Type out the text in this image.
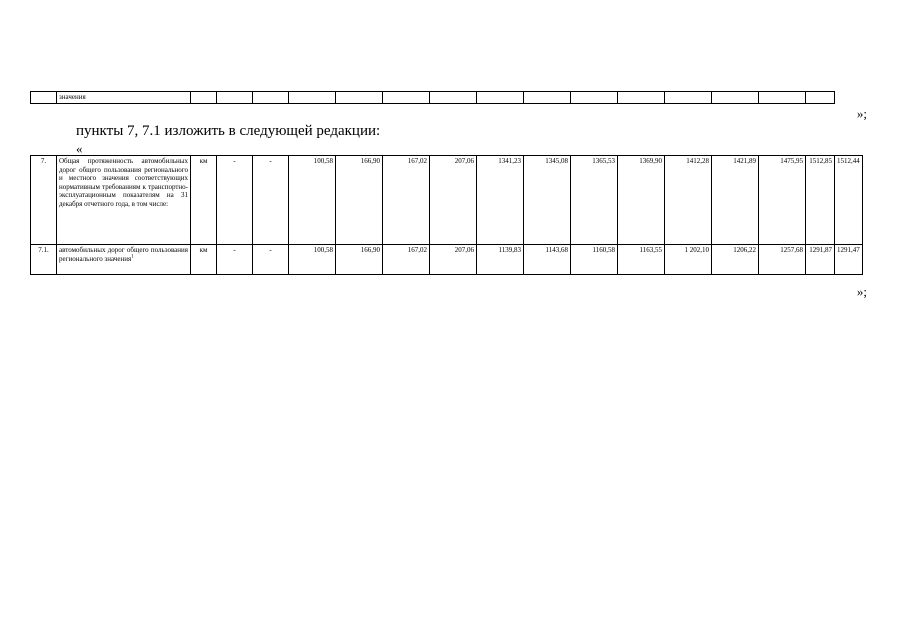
	значения															
»;
пункты 7, 7.1 изложить в следующей редакции:
«
7.	Общая протяженность автомобильных дорог общего пользования регионального и местного значения соответствующих нормативным требованиям к транспортно-эксплуатационным показателям на 31 декабря отчетного года, в том числе:	км	-	-	100,58	166,90	167,02	207,06	1341,23	1345,08	1365,53	1369,90	1412,28	1421,89	1475,95	1512,85	1512,44
7.1.	автомобильных дорог общего пользования регионального значения$^1$	км	-	-	100,58	166,90	167,02	207,06	1139,83	1143,68	1160,58	1163,55	1 202,10	1206,22	1257,68	1291,87	1291,47
»;
